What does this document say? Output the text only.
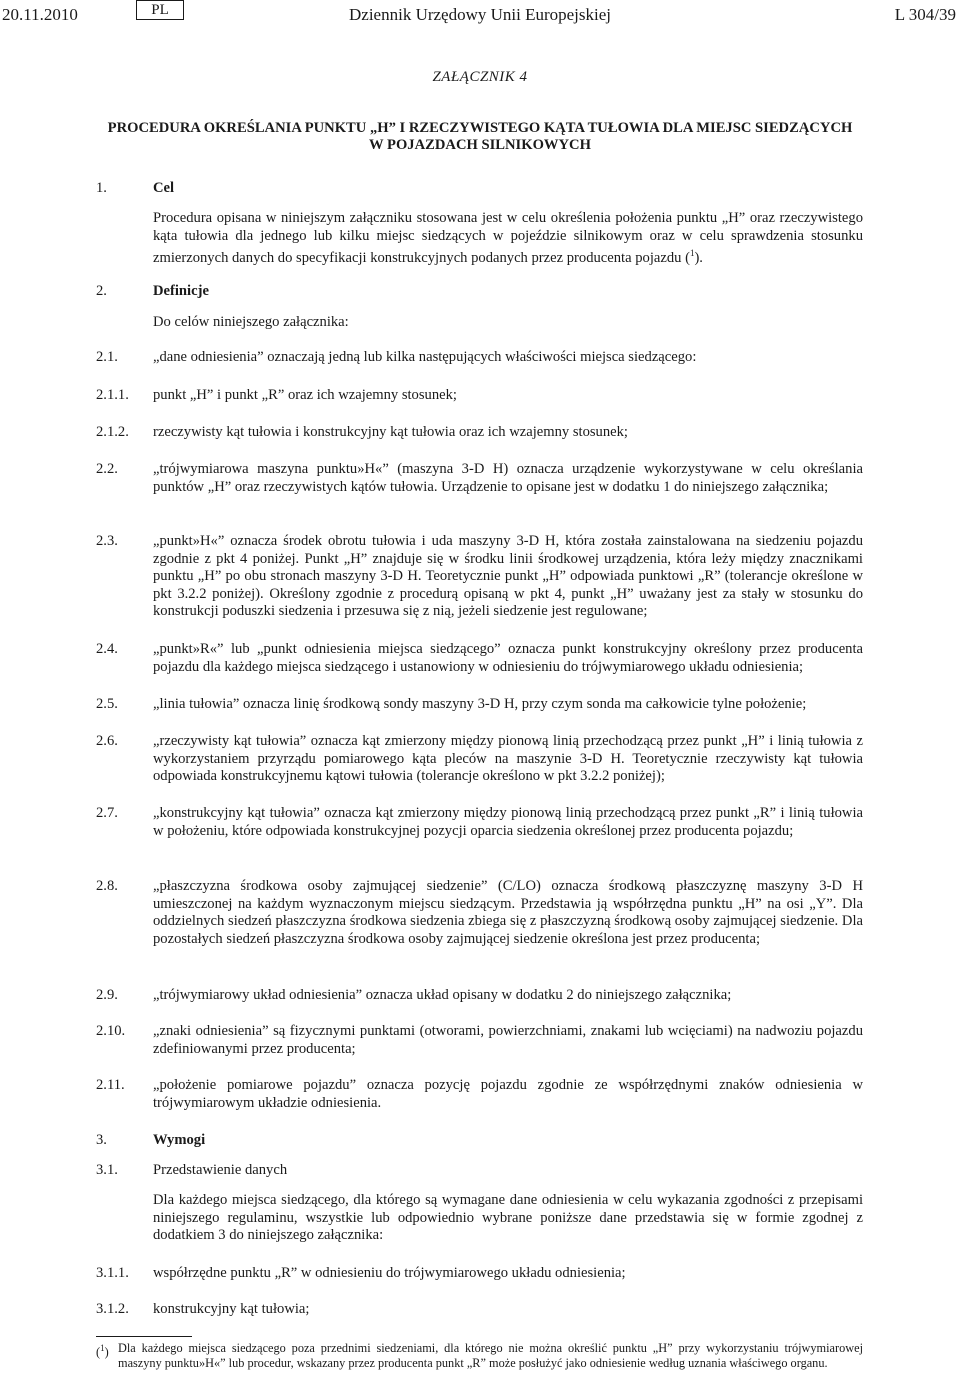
20.11.2010	PL	Dziennik Urzędowy Unii Europejskiej	L 304/39
ZAŁĄCZNIK 4
PROCEDURA OKREŚLANIA PUNKTU „H” I RZECZYWISTEGO KĄTA TUŁOWIA DLA MIEJSC SIEDZĄCYCH
W POJAZDACH SILNIKOWYCH
1.	Cel
Procedura opisana w niniejszym załączniku stosowana jest w celu określenia położenia punktu „H” oraz rzeczywistego kąta tułowia dla jednego lub kilku miejsc siedzących w pojeździe silnikowym oraz w celu sprawdzenia stosunku zmierzonych danych do specyfikacji konstrukcyjnych podanych przez producenta pojazdu ($^1$).
2.	Definicje
Do celów niniejszego załącznika:
2.1. „dane odniesienia” oznaczają jedną lub kilka następujących właściwości miejsca siedzącego:
2.1.1. punkt „H” i punkt „R” oraz ich wzajemny stosunek;
2.1.2. rzeczywisty kąt tułowia i konstrukcyjny kąt tułowia oraz ich wzajemny stosunek;
2.2. „trójwymiarowa maszyna punktu»H«” (maszyna 3-D H) oznacza urządzenie wykorzystywane w celu określania punktów „H” oraz rzeczywistych kątów tułowia. Urządzenie to opisane jest w dodatku 1 do niniejszego załącznika;
2.3. „punkt»H«” oznacza środek obrotu tułowia i uda maszyny 3-D H, która została zainstalowana na siedzeniu pojazdu zgodnie z pkt 4 poniżej. Punkt „H” znajduje się w środku linii środkowej urządzenia, która leży między znacznikami punktu „H” po obu stronach maszyny 3-D H. Teoretycznie punkt „H” odpowiada punktowi „R” (tolerancje określone w pkt 3.2.2 poniżej). Określony zgodnie z procedurą opisaną w pkt 4, punkt „H” uważany jest za stały w stosunku do konstrukcji poduszki siedzenia i przesuwa się z nią, jeżeli siedzenie jest regulowane;
2.4. „punkt»R«” lub „punkt odniesienia miejsca siedzącego” oznacza punkt konstrukcyjny określony przez producenta pojazdu dla każdego miejsca siedzącego i ustanowiony w odniesieniu do trójwymiarowego układu odniesienia;
2.5. „linia tułowia” oznacza linię środkową sondy maszyny 3-D H, przy czym sonda ma całkowicie tylne położenie;
2.6. „rzeczywisty kąt tułowia” oznacza kąt zmierzony między pionową linią przechodzącą przez punkt „H” i linią tułowia z wykorzystaniem przyrządu pomiarowego kąta pleców na maszynie 3-D H. Teoretycznie rzeczywisty kąt tułowia odpowiada konstrukcyjnemu kątowi tułowia (tolerancje określono w pkt 3.2.2 poniżej);
2.7. „konstrukcyjny kąt tułowia” oznacza kąt zmierzony między pionową linią przechodzącą przez punkt „R” i linią tułowia w położeniu, które odpowiada konstrukcyjnej pozycji oparcia siedzenia określonej przez producenta pojazdu;
2.8. „płaszczyzna środkowa osoby zajmującej siedzenie” (C/LO) oznacza środkową płaszczyznę maszyny 3-D H umieszczonej na każdym wyznaczonym miejscu siedzącym. Przedstawia ją współrzędna punktu „H” na osi „Y”. Dla oddzielnych siedzeń płaszczyzna środkowa siedzenia zbiega się z płaszczyzną środkową osoby zajmującej siedzenie. Dla pozostałych siedzeń płaszczyzna środkowa osoby zajmującej siedzenie określona jest przez producenta;
2.9. „trójwymiarowy układ odniesienia” oznacza układ opisany w dodatku 2 do niniejszego załącznika;
2.10. „znaki odniesienia” są fizycznymi punktami (otworami, powierzchniami, znakami lub wcięciami) na nadwoziu pojazdu zdefiniowanymi przez producenta;
2.11. „położenie pomiarowe pojazdu” oznacza pozycję pojazdu zgodnie ze współrzędnymi znaków odniesienia w trójwymiarowym układzie odniesienia.
3.	Wymogi
3.1. Przedstawienie danych
Dla każdego miejsca siedzącego, dla którego są wymagane dane odniesienia w celu wykazania zgodności z przepisami niniejszego regulaminu, wszystkie lub odpowiednio wybrane poniższe dane przedstawia się w formie zgodnej z dodatkiem 3 do niniejszego załącznika:
3.1.1. współrzędne punktu „R” w odniesieniu do trójwymiarowego układu odniesienia;
3.1.2. konstrukcyjny kąt tułowia;
($^1$) Dla każdego miejsca siedzącego poza przednimi siedzeniami, dla którego nie można określić punktu „H” przy wykorzystaniu trójwymiarowej maszyny punktu»H«” lub procedur, wskazany przez producenta punkt „R” może posłużyć jako odniesienie według uznania właściwego organu.
